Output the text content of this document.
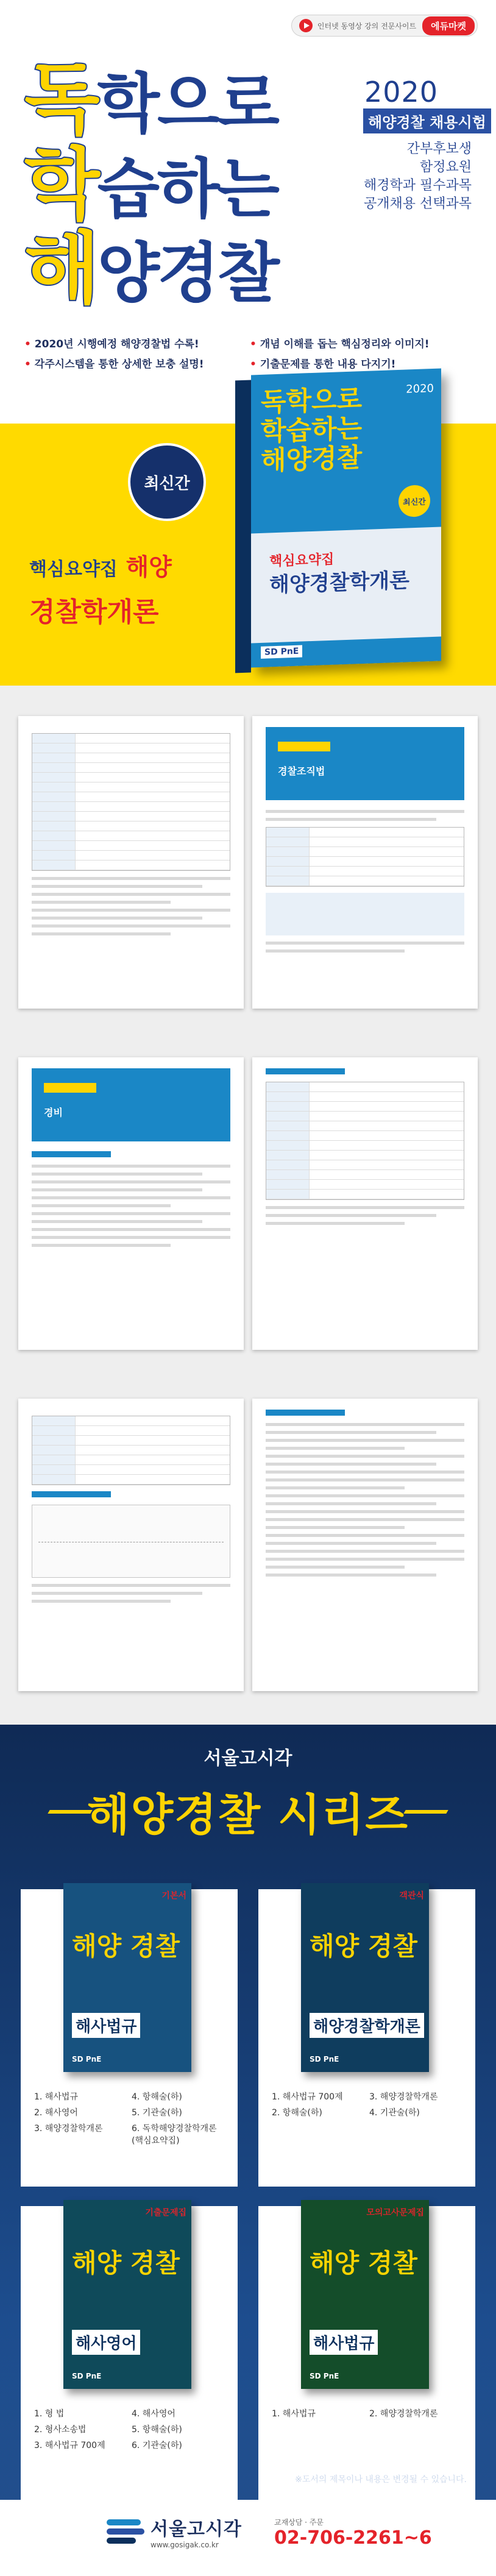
인터넷 동영상 강의 전문사이트	에듀마켓
독학으로
학습하는
해양경찰
2020
해양경찰 채용시험
간부후보생
함정요원
해경학과 필수과목
공개채용 선택과목
• 2020년 시행예정 해양경찰법 수록!	• 개념 이해를 돕는 핵심정리와 이미지!
• 각주시스템을 통한 상세한 보충 설명!	• 기출문제를 통한 내용 다지기!
최신간
핵심요약집 해양
경찰학개론
독학으로
학습하는
해양경찰
2020
최신간
핵심요약집
해양경찰학개론
SD PnE
경찰조직법
경비
서울고시각
해양경찰 시리즈
기본서
해양 경찰
해사법규
SD PnE
1. 해사법규	4. 항해술(하)
2. 해사영어	5. 기관술(하)
3. 해양경찰학개론	6. 독학해양경찰학개론 (핵심요약집)
객관식
해양 경찰
해양경찰학개론
SD PnE
1. 해사법규 700제	3. 해양경찰학개론
2. 항해술(하)	4. 기관술(하)
기출문제집
해양 경찰
해사영어
SD PnE
1. 형 법	4. 해사영어
2. 형사소송법	5. 항해술(하)
3. 해사법규 700제	6. 기관술(하)
모의고사문제집
해양 경찰
해사법규
SD PnE
1. 해사법규	2. 해양경찰학개론
※도서의 제목이나 내용은 변경될 수 있습니다.
서울고시각
www.gosigak.co.kr
교재상담 · 주문
02-706-2261~6
